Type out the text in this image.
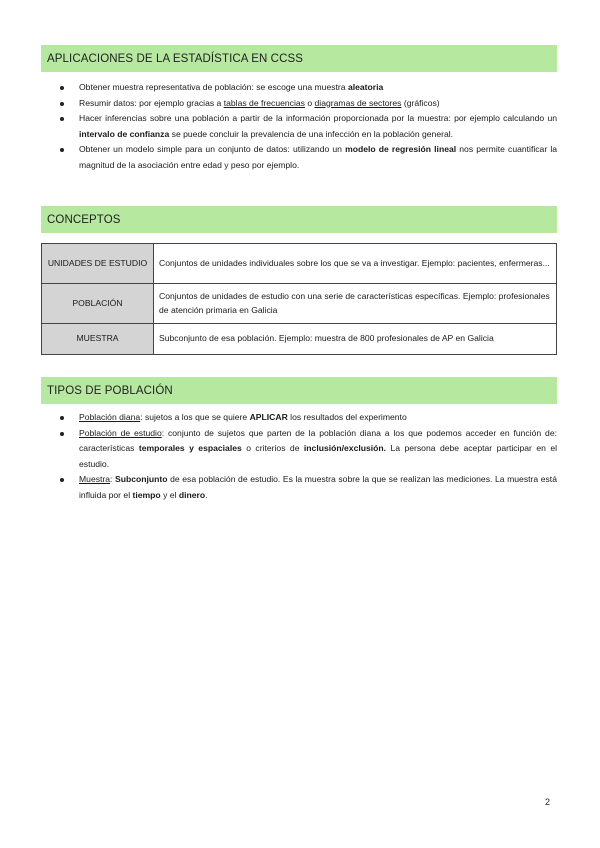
APLICACIONES DE LA ESTADÍSTICA EN CCSS
Obtener muestra representativa de población: se escoge una muestra aleatoria
Resumir datos: por ejemplo gracias a tablas de frecuencias o diagramas de sectores (gráficos)
Hacer inferencias sobre una población a partir de la información proporcionada por la muestra: por ejemplo calculando un intervalo de confianza se puede concluir la prevalencia de una infección en la población general.
Obtener un modelo simple para un conjunto de datos: utilizando un modelo de regresión lineal nos permite cuantificar la magnitud de la asociación entre edad y peso por ejemplo.
CONCEPTOS
UNIDADES DE ESTUDIO	Conjuntos de unidades individuales sobre los que se va a investigar. Ejemplo: pacientes, enfermeras...
POBLACIÓN	Conjuntos de unidades de estudio con una serie de características específicas. Ejemplo: profesionales de atención primaria en Galicia
MUESTRA	Subconjunto de esa población. Ejemplo: muestra de 800 profesionales de AP en Galicia
TIPOS DE POBLACIÓN
Población diana: sujetos a los que se quiere APLICAR los resultados del experimento
Población de estudio: conjunto de sujetos que parten de la población diana a los que podemos acceder en función de: características temporales y espaciales o criterios de inclusión/exclusión. La persona debe aceptar participar en el estudio.
Muestra: Subconjunto de esa población de estudio. Es la muestra sobre la que se realizan las mediciones. La muestra está influida por el tiempo y el dinero.
2
